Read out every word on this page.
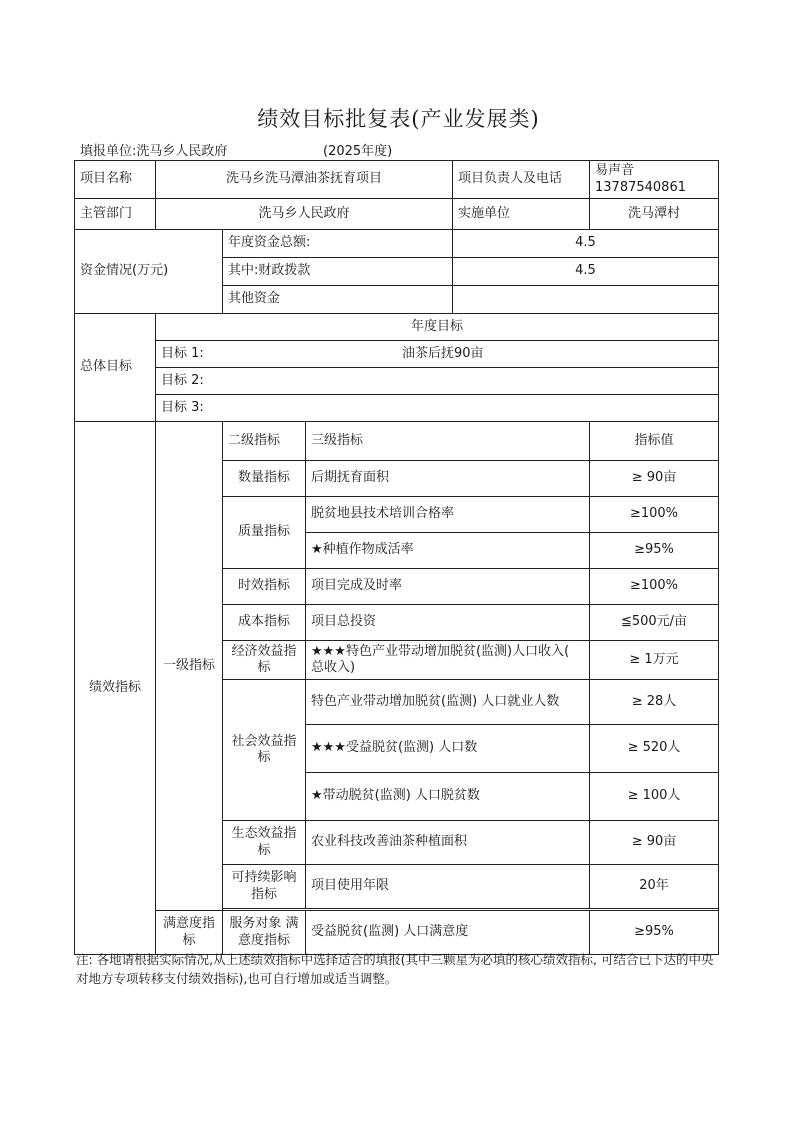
绩效目标批复表(产业发展类)
填报单位:洗马乡人民政府	(2025年度)
项目名称	洗马乡洗马潭油茶抚育项目			项目负责人及电话	易声音13787540861
主管部门	洗马乡人民政府			实施单位	洗马潭村
资金情况(万元)		年度资金总额:		4.5	
		其中:财政拨款		4.5	
		其他资金			
总体目标	年度目标				
	目标 1:	油茶后抚90亩			
	目标 2:				
	目标 3:				
绩效指标	一级指标	二级指标	三级指标		指标值
		数量指标	后期抚育面积		≥ 90亩
		质量指标	脱贫地县技术培训合格率		≥100%
			★种植作物成活率		≥95%
		时效指标	项目完成及时率		≥100%
		成本指标	项目总投资		≦500元/亩
		经济效益指标	★★★特色产业带动增加脱贫(监测)人口收入( 总收入)		≥ 1万元
		社会效益指标	特色产业带动增加脱贫(监测) 人口就业人数		≥ 28人
			★★★受益脱贫(监测) 人口数		≥ 520人
			★带动脱贫(监测) 人口脱贫数		≥ 100人
		生态效益指标	农业科技改善油茶种植面积		≥ 90亩
		可持续影响指标	项目使用年限		20年

	满意度指标	服务对象 满意度指标	受益脱贫(监测) 人口满意度		≥95%
注: 各地请根据实际情况,从上述绩效指标中选择适合的填报(其中三颗星为必填的核心绩效指标, 可结合已下达的中央对地方专项转移支付绩效指标),也可自行增加或适当调整。
